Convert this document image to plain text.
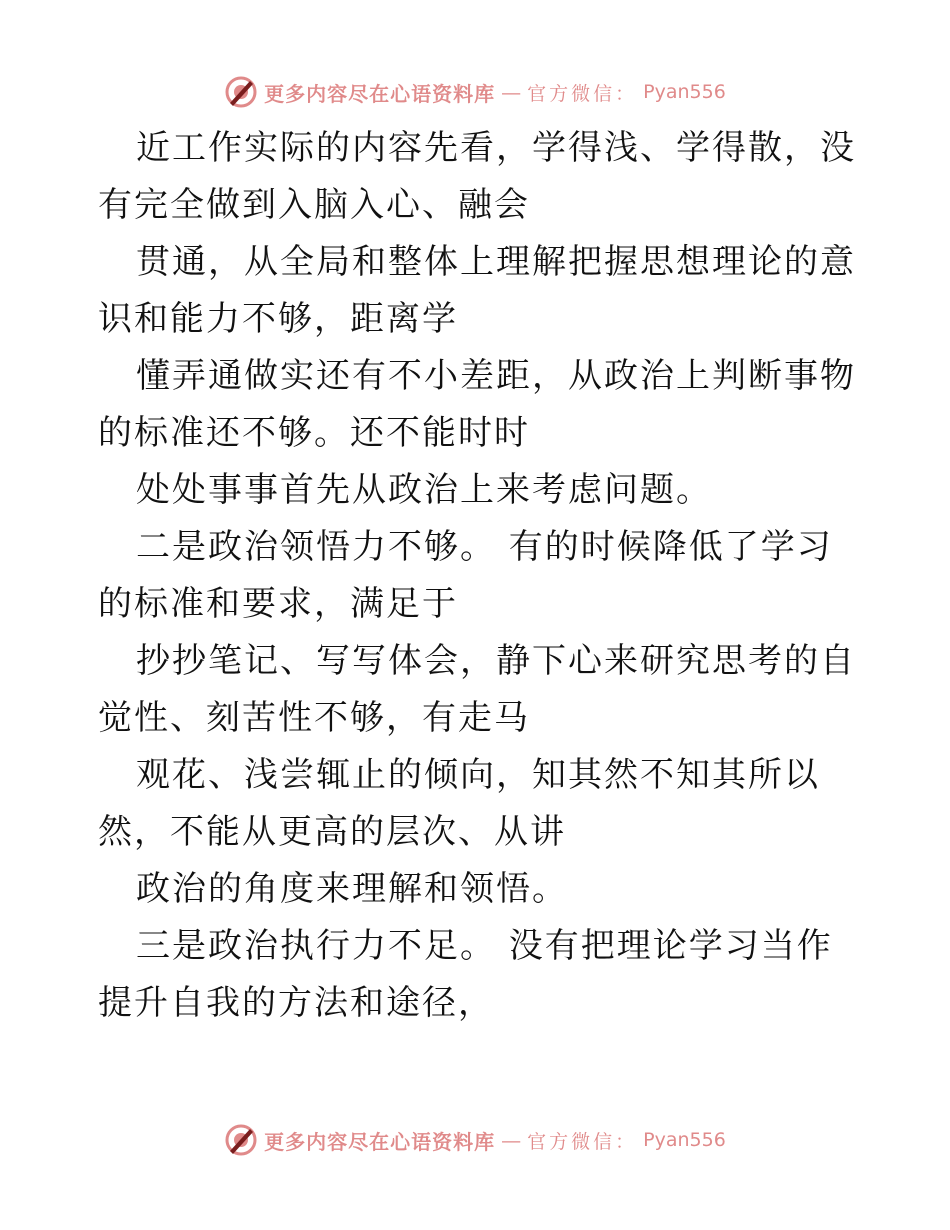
更多内容尽在心语资料库 — 官方微信： Pyan556

近工作实际的内容先看，学得浅、学得散，没有完全做到入脑入心、融会

贯通，从全局和整体上理解把握思想理论的意识和能力不够，距离学

懂弄通做实还有不小差距，从政治上判断事物的标准还不够。还不能时时

处处事事首先从政治上来考虑问题。

二是政治领悟力不够。 有的时候降低了学习的标准和要求，满足于

抄抄笔记、写写体会，静下心来研究思考的自觉性、刻苦性不够，有走马

观花、浅尝辄止的倾向，知其然不知其所以然，不能从更高的层次、从讲

政治的角度来理解和领悟。

三是政治执行力不足。 没有把理论学习当作提升自我的方法和途径，

更多内容尽在心语资料库 — 官方微信： Pyan556
